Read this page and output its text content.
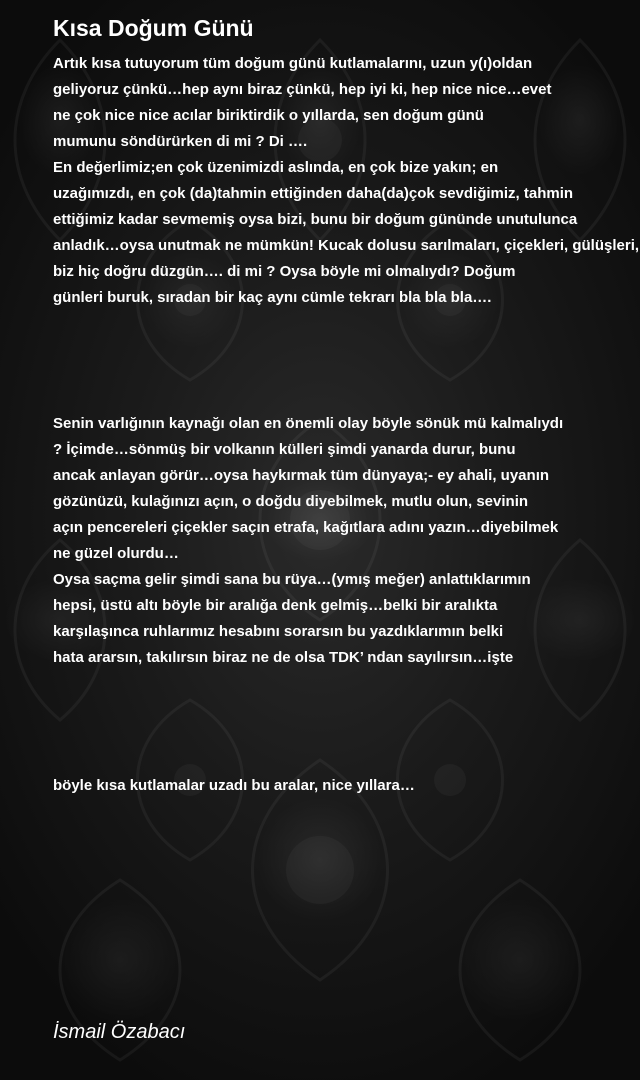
Kısa Doğum Günü

Artık kısa tutuyorum tüm doğum günü kutlamalarını, uzun y(ı)oldan
geliyoruz çünkü…hep aynı biraz çünkü, hep iyi ki, hep nice nice…evet
ne çok nice nice acılar biriktirdik o yıllarda, sen doğum günü
mumunu söndürürken di mi ? Di ….
En değerlimiz;en çok üzenimizdi aslında, en çok bize yakın; en
uzağımızdı, en çok (da)tahmin ettiğinden daha(da)çok sevdiğimiz, tahmin
ettiğimiz kadar sevmemiş oysa bizi, bunu bir doğum gününde unutulunca
anladık…oysa unutmak ne mümkün! Kucak dolusu sarılmaları, çiçekleri, gülüşleri,
biz hiç doğru düzgün…. di mi ? Oysa böyle mi olmalıydı? Doğum
günleri buruk, sıradan bir kaç aynı cümle tekrarı bla bla bla….

Senin varlığının kaynağı olan en önemli olay böyle sönük mü kalmalıydı
? İçimde…sönmüş bir volkanın külleri şimdi yanarda durur, bunu
ancak anlayan görür…oysa haykırmak tüm dünyaya;- ey ahali, uyanın
gözünüzü, kulağınızı açın, o doğdu diyebilmek, mutlu olun, sevinin
açın pencereleri çiçekler saçın etrafa, kağıtlara adını yazın…diyebilmek
ne güzel olurdu…
Oysa saçma gelir şimdi sana bu rüya…(ymış meğer) anlattıklarımın
hepsi, üstü altı böyle bir aralığa denk gelmiş…belki bir aralıkta
karşılaşınca ruhlarımız hesabını sorarsın bu yazdıklarımın belki
hata ararsın, takılırsın biraz ne de olsa TDK’ ndan sayılırsın…işte

böyle kısa kutlamalar uzadı bu aralar, nice yıllara…

İsmail Özabacı
